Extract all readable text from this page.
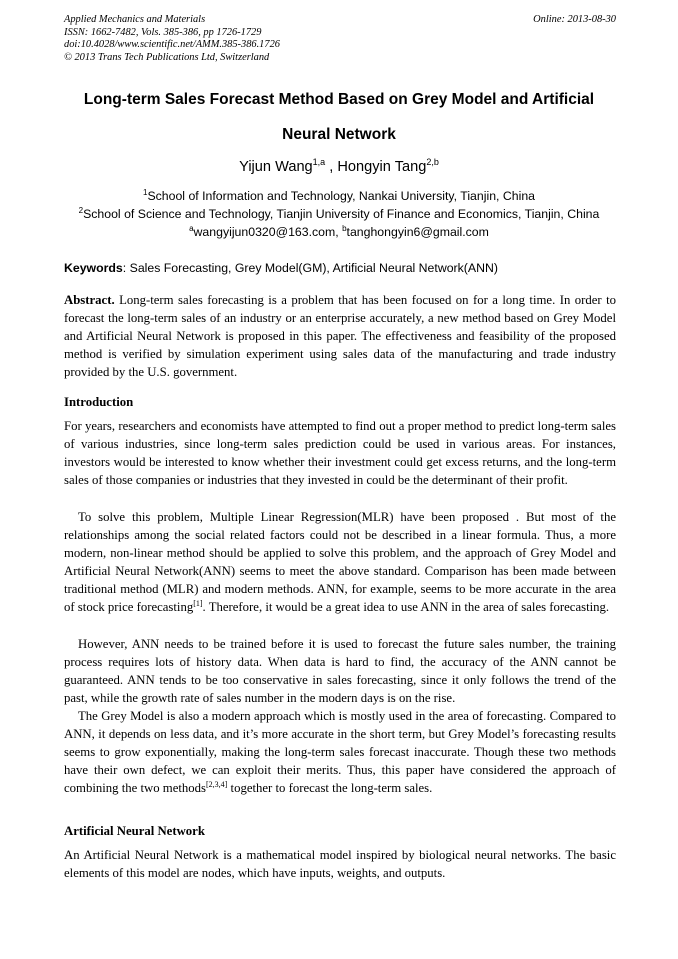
Applied Mechanics and Materials
ISSN: 1662-7482, Vols. 385-386, pp 1726-1729
doi:10.4028/www.scientific.net/AMM.385-386.1726
© 2013 Trans Tech Publications Ltd, Switzerland
Online: 2013-08-30
Long-term Sales Forecast Method Based on Grey Model and Artificial
Neural Network
Yijun Wang$^{1,a}$ , Hongyin Tang$^{2,b}$
$^1$School of Information and Technology, Nankai University, Tianjin, China
$^2$School of Science and Technology, Tianjin University of Finance and Economics, Tianjin, China
$^a$wangyijun0320@163.com, $^b$tanghongyin6@gmail.com
Keywords: Sales Forecasting, Grey Model(GM), Artificial Neural Network(ANN)
Abstract. Long-term sales forecasting is a problem that has been focused on for a long time. In order to forecast the long-term sales of an industry or an enterprise accurately, a new method based on Grey Model and Artificial Neural Network is proposed in this paper. The effectiveness and feasibility of the proposed method is verified by simulation experiment using sales data of the manufacturing and trade industry provided by the U.S. government.
Introduction
For years, researchers and economists have attempted to find out a proper method to predict long-term sales of various industries, since long-term sales prediction could be used in various areas. For instances, investors would be interested to know whether their investment could get excess returns, and the long-term sales of those companies or industries that they invested in could be the determinant of their profit.
To solve this problem, Multiple Linear Regression(MLR) have been proposed . But most of the relationships among the social related factors could not be described in a linear formula. Thus, a more modern, non-linear method should be applied to solve this problem, and the approach of Grey Model and Artificial Neural Network(ANN) seems to meet the above standard. Comparison has been made between traditional method (MLR) and modern methods. ANN, for example, seems to be more accurate in the area of stock price forecasting[1]. Therefore, it would be a great idea to use ANN in the area of sales forecasting.
However, ANN needs to be trained before it is used to forecast the future sales number, the training process requires lots of history data. When data is hard to find, the accuracy of the ANN cannot be guaranteed. ANN tends to be too conservative in sales forecasting, since it only follows the trend of the past, while the growth rate of sales number in the modern days is on the rise.
The Grey Model is also a modern approach which is mostly used in the area of forecasting. Compared to ANN, it depends on less data, and it’s more accurate in the short term, but Grey Model’s forecasting results seems to grow exponentially, making the long-term sales forecast inaccurate. Though these two methods have their own defect, we can exploit their merits. Thus, this paper have considered the approach of combining the two methods[2,3,4] together to forecast the long-term sales.
Artificial Neural Network
An Artificial Neural Network is a mathematical model inspired by biological neural networks. The basic elements of this model are nodes, which have inputs, weights, and outputs.
